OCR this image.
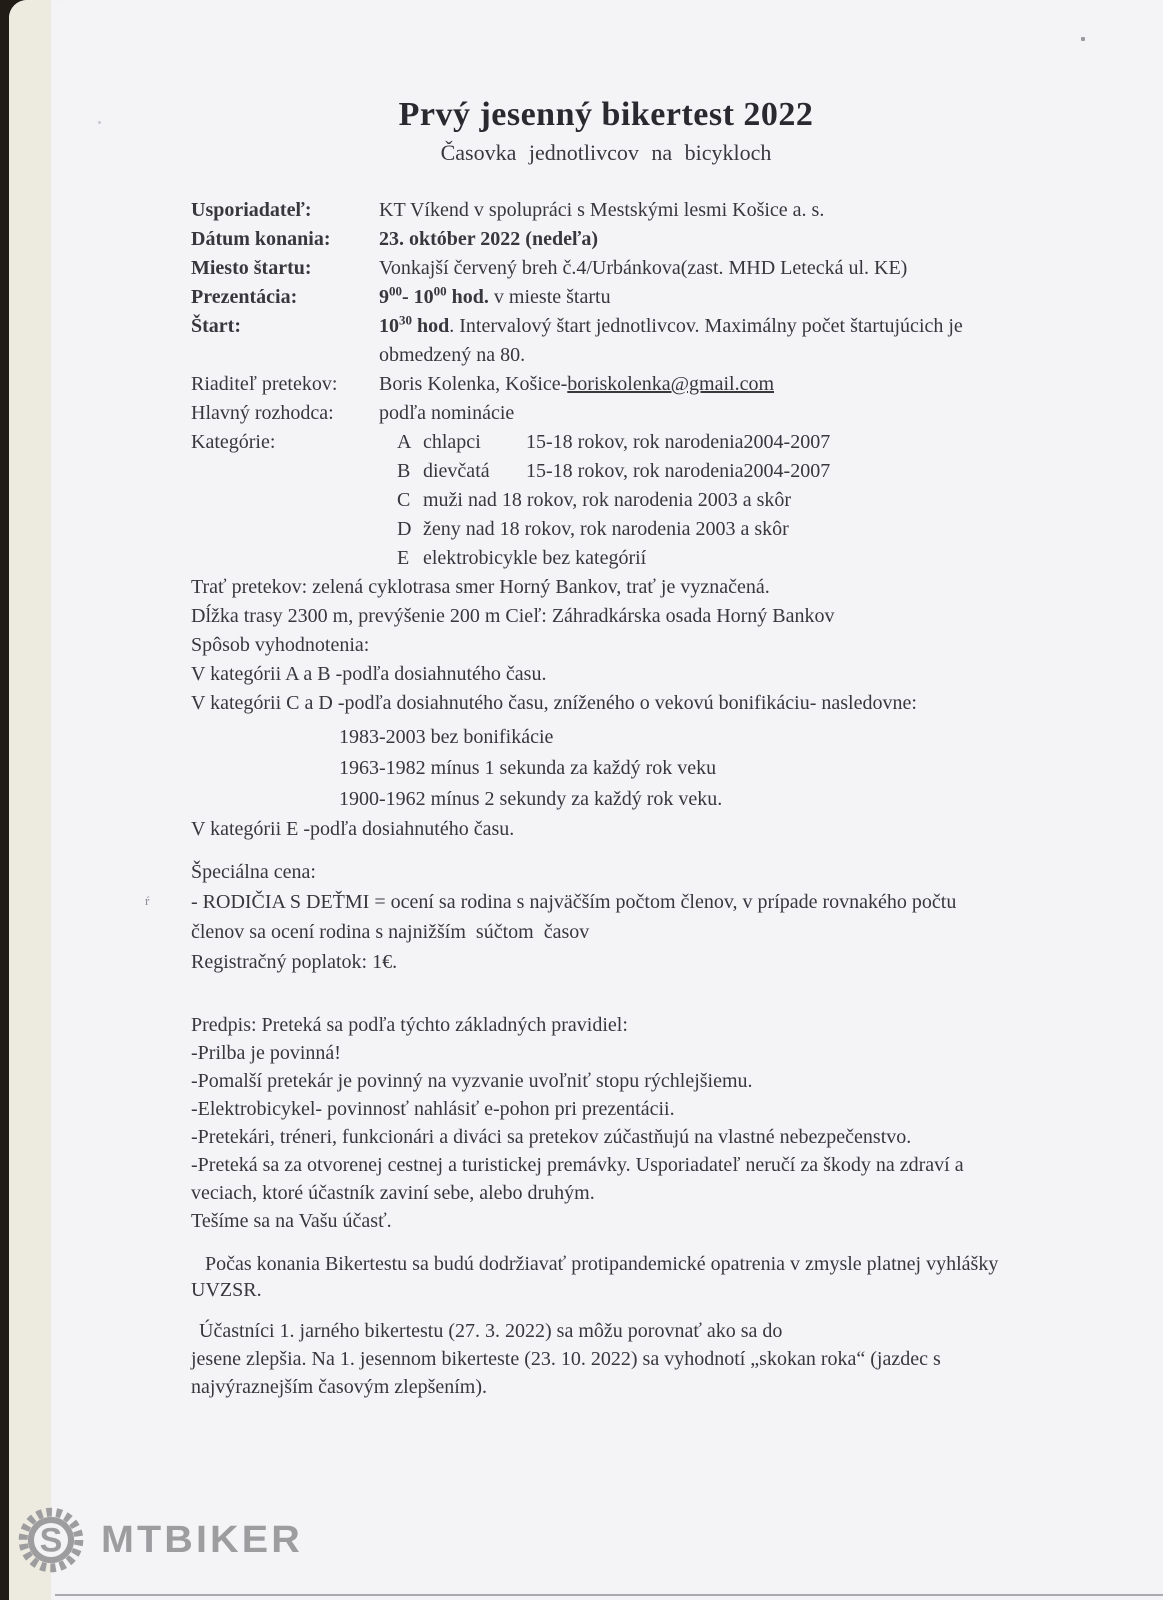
Prvý jesenný bikertest 2022

Časovka jednotlivcov na bicykloch

Usporiadateľ:	KT Víkend v spolupráci s Mestskými lesmi Košice a. s.
Dátum konania:	23. október 2022 (nedeľa)
Miesto štartu:	Vonkajší červený breh č.4/Urbánkova(zast. MHD Letecká ul. KE)
Prezentácia:	$9^{00}-$ $10^{00}$ hod. v mieste štartu
Štart:	$10^{30}$ hod. Intervalový štart jednotlivcov. Maximálny počet štartujúcich je
obmedzený na 80.
Riaditeľ pretekov:	Boris Kolenka, Košice-boriskolenka@gmail.com
Hlavný rozhodca:	podľa nominácie
Kategórie:	A chlapci	15-18 rokov, rok narodenia2004-2007
B dievčatá	15-18 rokov, rok narodenia2004-2007
C muži nad 18 rokov, rok narodenia 2003 a skôr
D ženy nad 18 rokov, rok narodenia 2003 a skôr
E elektrobicykle bez kategórií

Trať pretekov: zelená cyklotrasa smer Horný Bankov, trať je vyznačená.

Dĺžka trasy 2300 m, prevýšenie 200 m Cieľ: Záhradkárska osada Horný Bankov

Spôsob vyhodnotenia:

V kategórii A a B -podľa dosiahnutého času.

V kategórii C a D -podľa dosiahnutého času, zníženého o vekovú bonifikáciu- nasledovne:

1983-2003 bez bonifikácie

1963-1982 mínus 1 sekunda za každý rok veku

1900-1962 mínus 2 sekundy za každý rok veku.

V kategórii E -podľa dosiahnutého času.

Špeciálna cena:

- RODIČIA S DEŤMI = ocení sa rodina s najväčším počtom členov, v prípade rovnakého počtu

členov sa ocení rodina s najnižším  súčtom  časov

Registračný poplatok: 1€.

Predpis: Preteká sa podľa týchto základných pravidiel:

-Prilba je povinná!

-Pomalší pretekár je povinný na vyzvanie uvoľniť stopu rýchlejšiemu.

-Elektrobicykel- povinnosť nahlásiť e-pohon pri prezentácii.

-Pretekári, tréneri, funkcionári a diváci sa pretekov zúčastňujú na vlastné nebezpečenstvo.

-Preteká sa za otvorenej cestnej a turistickej premávky. Usporiadateľ neručí za škody na zdraví a veciach, ktoré účastník zaviní sebe, alebo druhým.

Tešíme sa na Vašu účasť.

Počas konania Bikertestu sa budú dodržiavať protipandemické opatrenia v zmysle platnej vyhlášky UVZSR.

Účastníci 1. jarného bikertestu (27. 3. 2022) sa môžu porovnať ako sa do

jesene zlepšia. Na 1. jesennom bikerteste (23. 10. 2022) sa vyhodnotí „skokan roka“ (jazdec s

najvýraznejším časovým zlepšením).

ŕ
S MTBIKER
